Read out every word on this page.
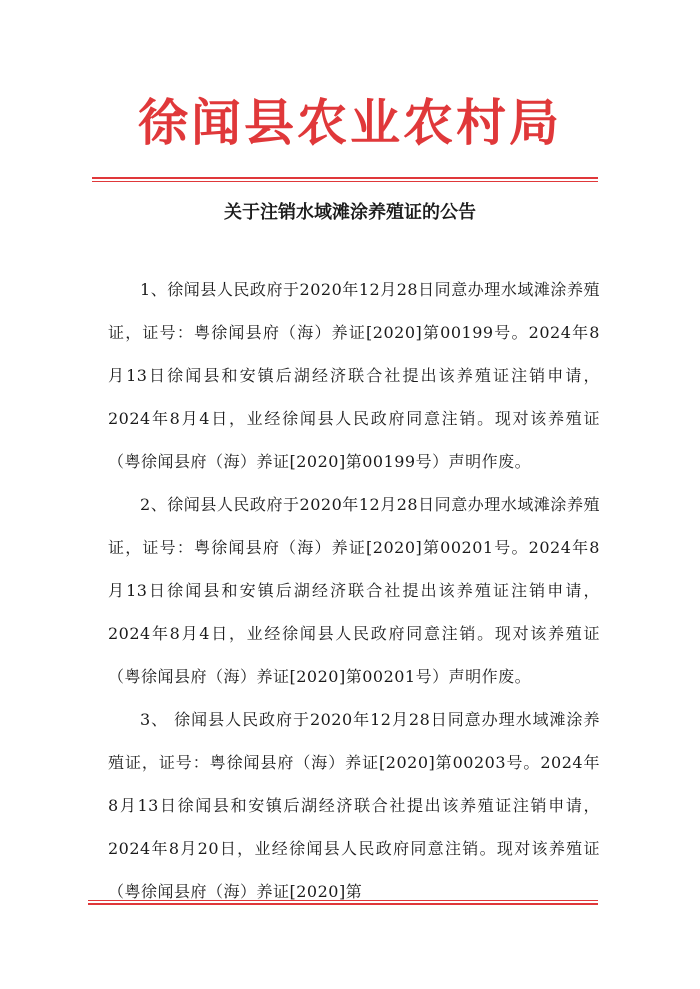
徐闻县农业农村局
关于注销水域滩涂养殖证的公告

1、徐闻县人民政府于2020年12月28日同意办理水域滩涂养殖证，证号：粤徐闻县府（海）养证[2020]第00199号。2024年8月13日徐闻县和安镇后湖经济联合社提出该养殖证注销申请，2024年8月4日，业经徐闻县人民政府同意注销。现对该养殖证（粤徐闻县府（海）养证[2020]第00199号）声明作废。

2、徐闻县人民政府于2020年12月28日同意办理水域滩涂养殖证，证号：粤徐闻县府（海）养证[2020]第00201号。2024年8月13日徐闻县和安镇后湖经济联合社提出该养殖证注销申请，2024年8月4日，业经徐闻县人民政府同意注销。现对该养殖证（粤徐闻县府（海）养证[2020]第00201号）声明作废。

3、 徐闻县人民政府于2020年12月28日同意办理水域滩涂养殖证，证号：粤徐闻县府（海）养证[2020]第00203号。2024年8月13日徐闻县和安镇后湖经济联合社提出该养殖证注销申请，2024年8月20日，业经徐闻县人民政府同意注销。现对该养殖证（粤徐闻县府（海）养证[2020]第
